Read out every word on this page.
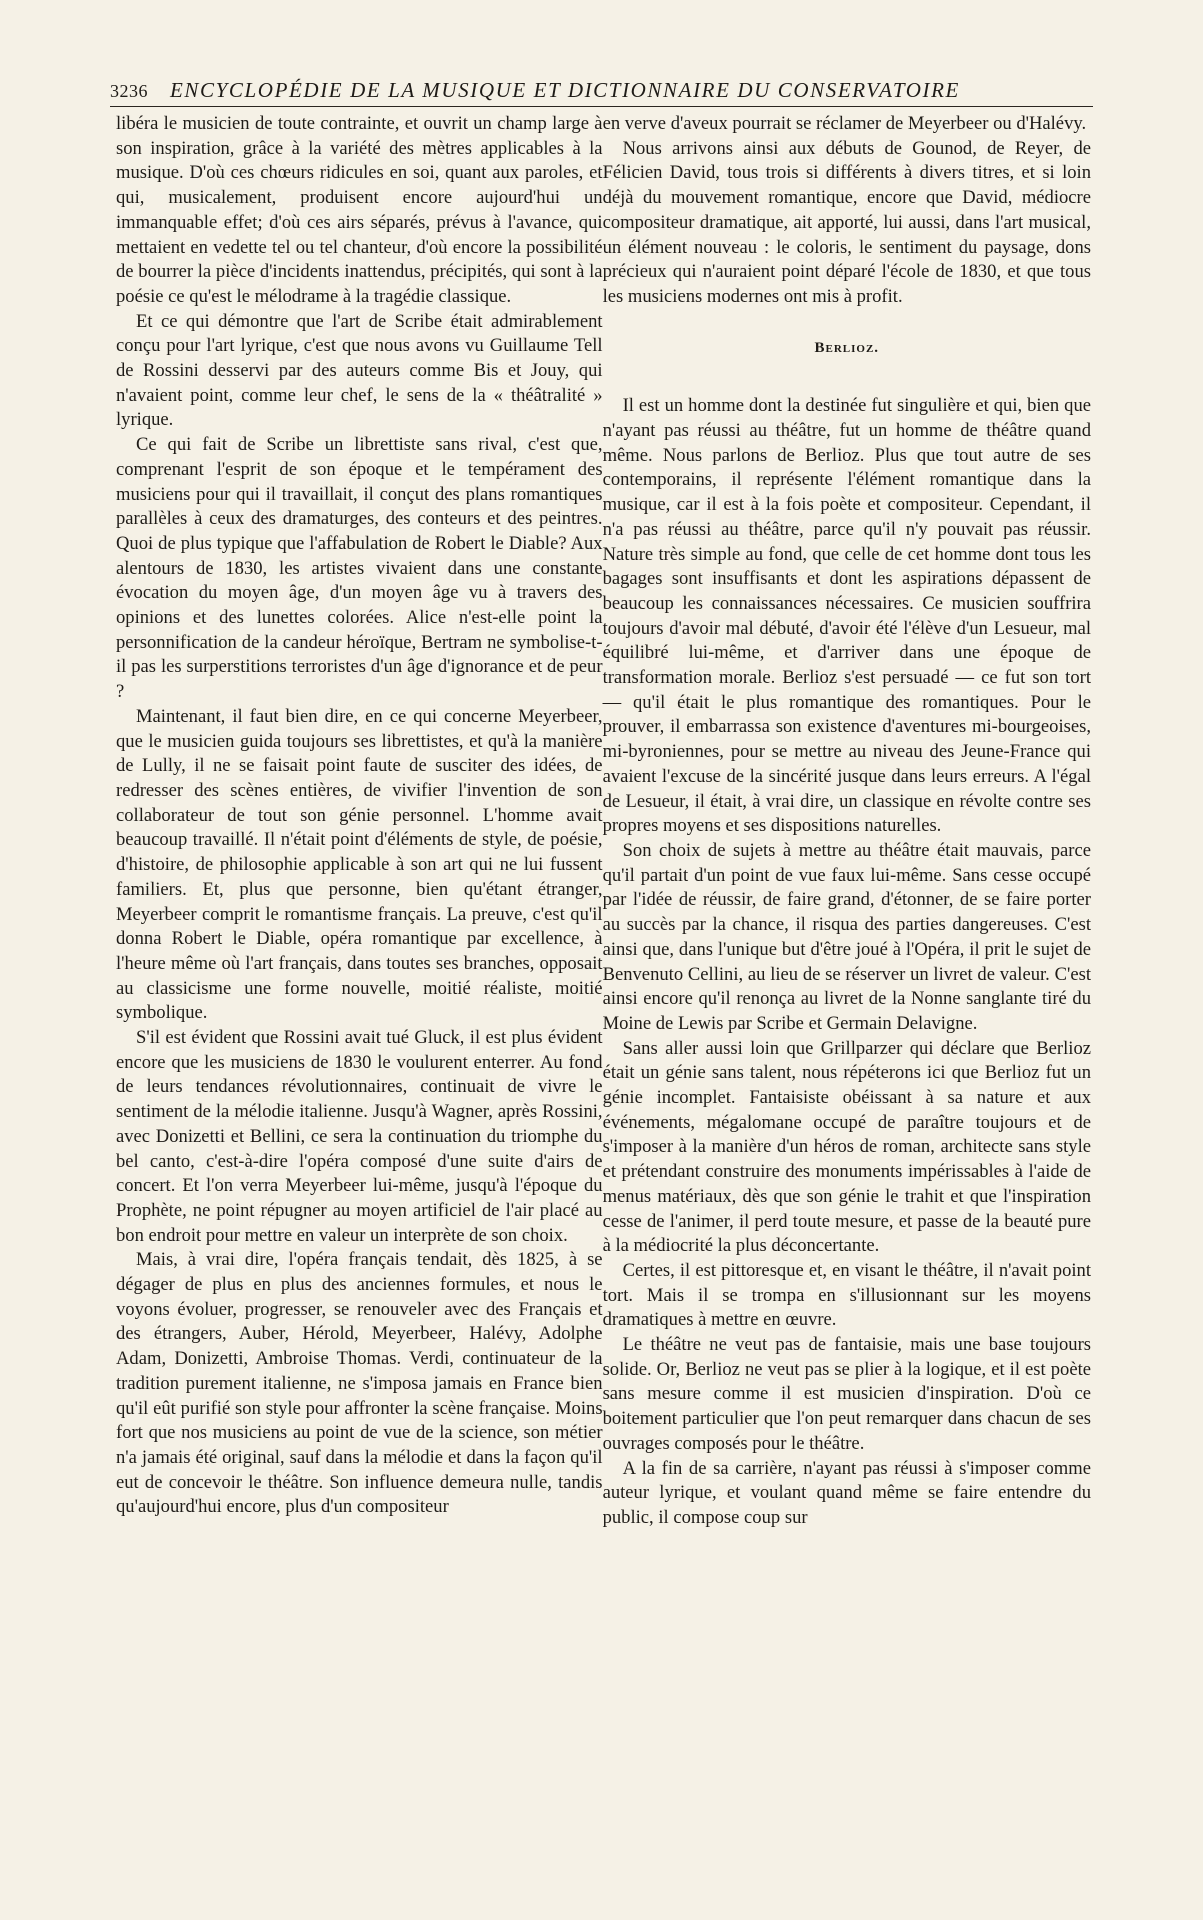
3236 ENCYCLOPÉDIE DE LA MUSIQUE ET DICTIONNAIRE DU CONSERVATOIRE

libéra le musicien de toute contrainte, et ouvrit un champ large à son inspiration, grâce à la variété des mètres applicables à la musique. D'où ces chœurs ridicules en soi, quant aux paroles, et qui, musicalement, produisent encore aujourd'hui un immanquable effet; d'où ces airs séparés, prévus à l'avance, qui mettaient en vedette tel ou tel chanteur, d'où encore la possibilité de bourrer la pièce d'incidents inattendus, précipités, qui sont à la poésie ce qu'est le mélodrame à la tragédie classique.

Et ce qui démontre que l'art de Scribe était admirablement conçu pour l'art lyrique, c'est que nous avons vu Guillaume Tell de Rossini desservi par des auteurs comme Bis et Jouy, qui n'avaient point, comme leur chef, le sens de la « théâtralité » lyrique.

Ce qui fait de Scribe un librettiste sans rival, c'est que, comprenant l'esprit de son époque et le tempérament des musiciens pour qui il travaillait, il conçut des plans romantiques parallèles à ceux des dramaturges, des conteurs et des peintres. Quoi de plus typique que l'affabulation de Robert le Diable? Aux alentours de 1830, les artistes vivaient dans une constante évocation du moyen âge, d'un moyen âge vu à travers des opinions et des lunettes colorées. Alice n'est-elle point la personnification de la candeur héroïque, Bertram ne symbolise-t-il pas les surperstitions terroristes d'un âge d'ignorance et de peur ?

Maintenant, il faut bien dire, en ce qui concerne Meyerbeer, que le musicien guida toujours ses librettistes, et qu'à la manière de Lully, il ne se faisait point faute de susciter des idées, de redresser des scènes entières, de vivifier l'invention de son collaborateur de tout son génie personnel. L'homme avait beaucoup travaillé. Il n'était point d'éléments de style, de poésie, d'histoire, de philosophie applicable à son art qui ne lui fussent familiers. Et, plus que personne, bien qu'étant étranger, Meyerbeer comprit le romantisme français. La preuve, c'est qu'il donna Robert le Diable, opéra romantique par excellence, à l'heure même où l'art français, dans toutes ses branches, opposait au classicisme une forme nouvelle, moitié réaliste, moitié symbolique.

S'il est évident que Rossini avait tué Gluck, il est plus évident encore que les musiciens de 1830 le voulurent enterrer. Au fond de leurs tendances révolutionnaires, continuait de vivre le sentiment de la mélodie italienne. Jusqu'à Wagner, après Rossini, avec Donizetti et Bellini, ce sera la continuation du triomphe du bel canto, c'est-à-dire l'opéra composé d'une suite d'airs de concert. Et l'on verra Meyerbeer lui-même, jusqu'à l'époque du Prophète, ne point répugner au moyen artificiel de l'air placé au bon endroit pour mettre en valeur un interprète de son choix.

Mais, à vrai dire, l'opéra français tendait, dès 1825, à se dégager de plus en plus des anciennes formules, et nous le voyons évoluer, progresser, se renouveler avec des Français et des étrangers, Auber, Hérold, Meyerbeer, Halévy, Adolphe Adam, Donizetti, Ambroise Thomas. Verdi, continuateur de la tradition purement italienne, ne s'imposa jamais en France bien qu'il eût purifié son style pour affronter la scène française. Moins fort que nos musiciens au point de vue de la science, son métier n'a jamais été original, sauf dans la mélodie et dans la façon qu'il eut de concevoir le théâtre. Son influence demeura nulle, tandis qu'aujourd'hui encore, plus d'un compositeur

en verve d'aveux pourrait se réclamer de Meyerbeer ou d'Halévy.

Nous arrivons ainsi aux débuts de Gounod, de Reyer, de Félicien David, tous trois si différents à divers titres, et si loin déjà du mouvement romantique, encore que David, médiocre compositeur dramatique, ait apporté, lui aussi, dans l'art musical, un élément nouveau : le coloris, le sentiment du paysage, dons précieux qui n'auraient point déparé l'école de 1830, et que tous les musiciens modernes ont mis à profit.

Berlioz.

Il est un homme dont la destinée fut singulière et qui, bien que n'ayant pas réussi au théâtre, fut un homme de théâtre quand même. Nous parlons de Berlioz. Plus que tout autre de ses contemporains, il représente l'élément romantique dans la musique, car il est à la fois poète et compositeur. Cependant, il n'a pas réussi au théâtre, parce qu'il n'y pouvait pas réussir. Nature très simple au fond, que celle de cet homme dont tous les bagages sont insuffisants et dont les aspirations dépassent de beaucoup les connaissances nécessaires. Ce musicien souffrira toujours d'avoir mal débuté, d'avoir été l'élève d'un Lesueur, mal équilibré lui-même, et d'arriver dans une époque de transformation morale. Berlioz s'est persuadé — ce fut son tort — qu'il était le plus romantique des romantiques. Pour le prouver, il embarrassa son existence d'aventures mi-bourgeoises, mi-byroniennes, pour se mettre au niveau des Jeune-France qui avaient l'excuse de la sincérité jusque dans leurs erreurs. A l'égal de Lesueur, il était, à vrai dire, un classique en révolte contre ses propres moyens et ses dispositions naturelles.

Son choix de sujets à mettre au théâtre était mauvais, parce qu'il partait d'un point de vue faux lui-même. Sans cesse occupé par l'idée de réussir, de faire grand, d'étonner, de se faire porter au succès par la chance, il risqua des parties dangereuses. C'est ainsi que, dans l'unique but d'être joué à l'Opéra, il prit le sujet de Benvenuto Cellini, au lieu de se réserver un livret de valeur. C'est ainsi encore qu'il renonça au livret de la Nonne sanglante tiré du Moine de Lewis par Scribe et Germain Delavigne.

Sans aller aussi loin que Grillparzer qui déclare que Berlioz était un génie sans talent, nous répéterons ici que Berlioz fut un génie incomplet. Fantaisiste obéissant à sa nature et aux événements, mégalomane occupé de paraître toujours et de s'imposer à la manière d'un héros de roman, architecte sans style et prétendant construire des monuments impérissables à l'aide de menus matériaux, dès que son génie le trahit et que l'inspiration cesse de l'animer, il perd toute mesure, et passe de la beauté pure à la médiocrité la plus déconcertante.

Certes, il est pittoresque et, en visant le théâtre, il n'avait point tort. Mais il se trompa en s'illusionnant sur les moyens dramatiques à mettre en œuvre.

Le théâtre ne veut pas de fantaisie, mais une base toujours solide. Or, Berlioz ne veut pas se plier à la logique, et il est poète sans mesure comme il est musicien d'inspiration. D'où ce boitement particulier que l'on peut remarquer dans chacun de ses ouvrages composés pour le théâtre.

A la fin de sa carrière, n'ayant pas réussi à s'imposer comme auteur lyrique, et voulant quand même se faire entendre du public, il compose coup sur
